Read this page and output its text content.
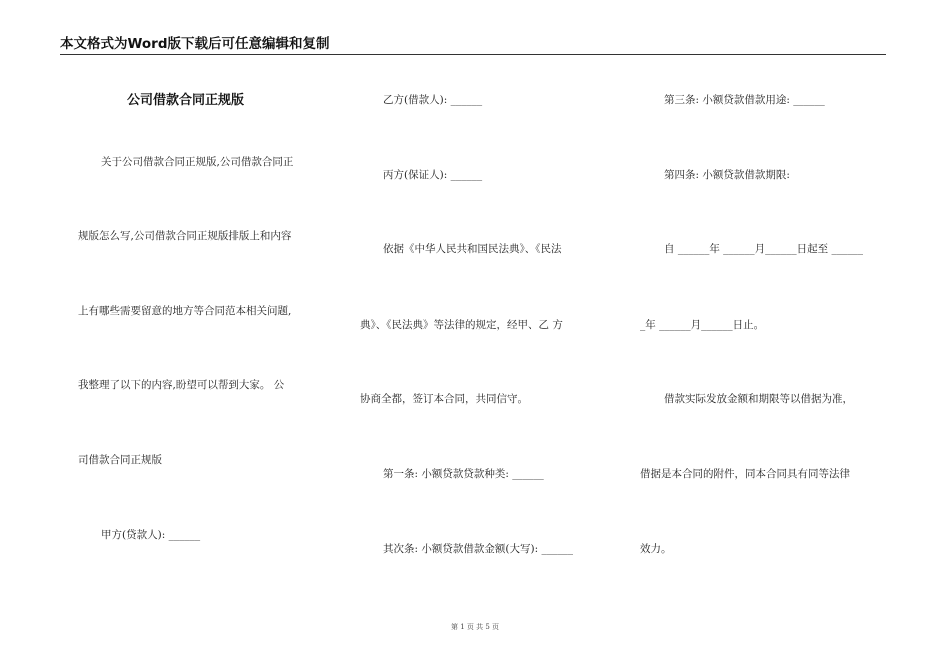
本文格式为Word版下载后可任意编辑和复制
公司借款合同正规版
关于公司借款合同正规版,公司借款合同正
规版怎么写,公司借款合同正规版排版上和内容
上有哪些需要留意的地方等合同范本相关问题,
我整理了以下的内容,盼望可以帮到大家。 公
司借款合同正规版
甲方(贷款人): ______
乙方(借款人): ______
丙方(保证人): ______
依据《中华人民共和国民法典》、《民法
典》、《民法典》等法律的规定，经甲、乙 方
协商全都，签订本合同，共同信守。
第一条: 小额贷款贷款种类: ______
其次条: 小额贷款借款金额(大写): ______
第三条: 小额贷款借款用途: ______
第四条: 小额贷款借款期限:
自 ______年 ______月______日起至 ______
_年 ______月______日止。
借款实际发放金额和期限等以借据为准，
借据是本合同的附件，同本合同具有同等法律
效力。
第 1 页 共 5 页
